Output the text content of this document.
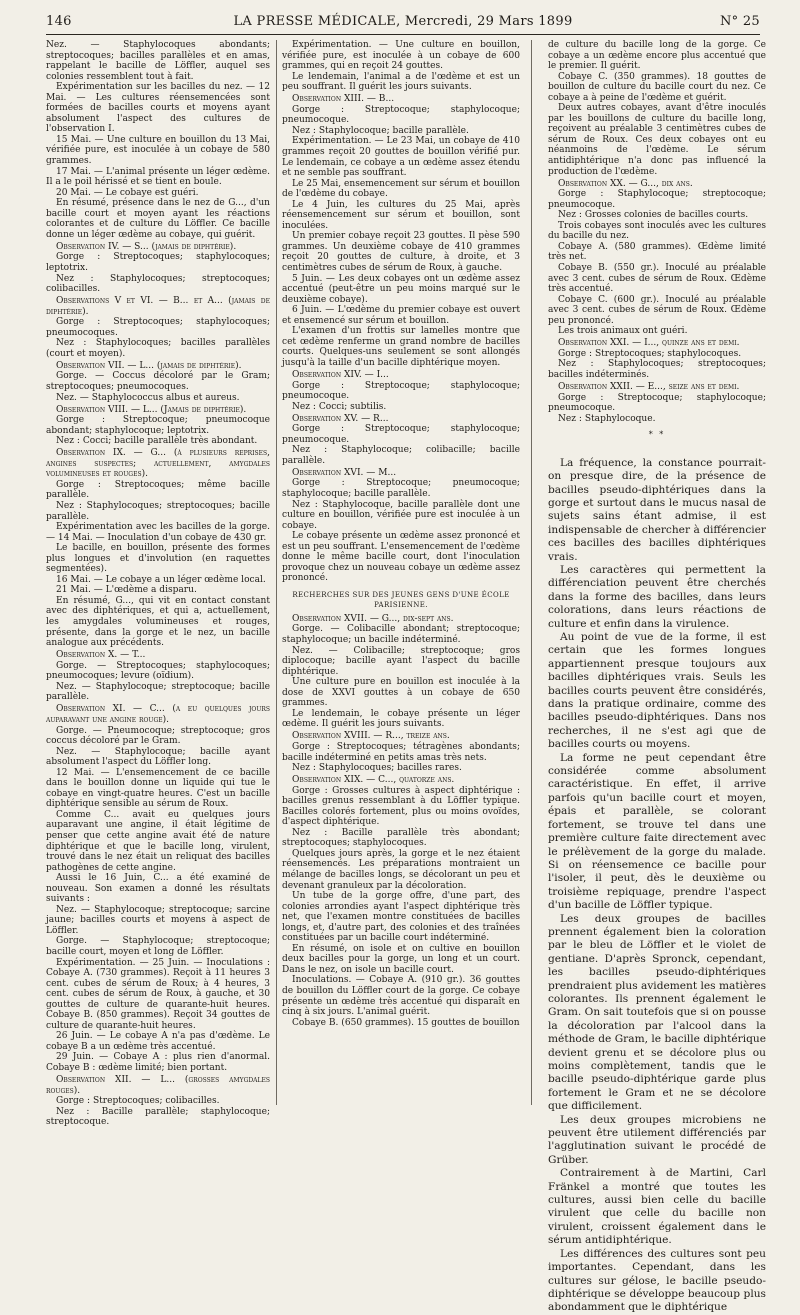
146	LA PRESSE MÉDICALE, Mercredi, 29 Mars 1899	N° 25

Nez. — Staphylocoques abondants; streptocoques; bacilles parallèles et en amas, rappelant le bacille de Löffler, auquel ses colonies ressemblent tout à fait.

Expérimentation sur les bacilles du nez. — 12 Mai. — Les cultures réensemencées sont formées de bacilles courts et moyens ayant absolument l'aspect des cultures de l'observation I.

15 Mai. — Une culture en bouillon du 13 Mai, vérifiée pure, est inoculée à un cobaye de 580 grammes.

17 Mai. — L'animal présente un léger œdème. Il a le poil hérissé et se tient en boule.

20 Mai. — Le cobaye est guéri.

En résumé, présence dans le nez de G..., d'un bacille court et moyen ayant les réactions colorantes et de culture du Löffler. Ce bacille donne un léger œdème au cobaye, qui guérit.

Observation IV. — S... (jamais de diphtérie).

Gorge : Streptocoques; staphylocoques; leptotrix.

Nez : Staphylocoques; streptocoques; colibacilles.

Observations V et VI. — B... et A... (jamais de diphtérie).

Gorge : Streptocoques; staphylocoques; pneumocoques.

Nez : Staphylocoques; bacilles parallèles (court et moyen).

Observation VII. — L... (jamais de diphtérie).

Gorge. — Coccus décoloré par le Gram; streptocoques; pneumocoques.

Nez. — Staphylococcus albus et aureus.

Observation VIII. — L... (Jamais de diphtérie).

Gorge : Streptocoque; pneumocoque abondant; staphylocoque; leptotrix.

Nez : Cocci; bacille parallèle très abondant.

Observation IX. — G... (à plusieurs reprises, angines suspectes; actuellement, amygdales volumineuses et rouges).

Gorge : Streptocoques; même bacille parallèle.

Nez : Staphylocoques; streptocoques; bacille parallèle.

Expérimentation avec les bacilles de la gorge. — 14 Mai. — Inoculation d'un cobaye de 430 gr.

Le bacille, en bouillon, présente des formes plus longues et d'involution (en raquettes segmentées).

16 Mai. — Le cobaye a un léger œdème local.

21 Mai. — L'œdème a disparu.

En résumé, G..., qui vit en contact constant avec des diphtériques, et qui a, actuellement, les amygdales volumineuses et rouges, présente, dans la gorge et le nez, un bacille analogue aux précédents.

Observation X. — T...

Gorge. — Streptocoques; staphylocoques; pneumocoques; levure (oïdium).

Nez. — Staphylocoque; streptocoque; bacille parallèle.

Observation XI. — C... (a eu quelques jours auparavant une angine rouge).

Gorge. — Pneumocoque; streptocoque; gros coccus décoloré par le Gram.

Nez. — Staphylocoque; bacille ayant absolument l'aspect du Löffler long.

12 Mai. — L'ensemencement de ce bacille dans le bouillon donne un liquide qui tue le cobaye en vingt-quatre heures. C'est un bacille diphtérique sensible au sérum de Roux.

Comme C... avait eu quelques jours auparavant une angine, il était légitime de penser que cette angine avait été de nature diphtérique et que le bacille long, virulent, trouvé dans le nez était un reliquat des bacilles pathogènes de cette angine.

Aussi le 16 Juin, C... a été examiné de nouveau. Son examen a donné les résultats suivants :

Nez. — Staphylocoque; streptocoque; sarcine jaune; bacilles courts et moyens à aspect de Löffler.

Gorge. — Staphylocoque; streptocoque; bacille court, moyen et long de Löffler.

Expérimentation. — 25 Juin. — Inoculations : Cobaye A. (730 grammes). Reçoit à 11 heures 3 cent. cubes de sérum de Roux; à 4 heures, 3 cent. cubes de sérum de Roux, à gauche, et 30 gouttes de culture de quarante-huit heures. Cobaye B. (850 grammes). Reçoit 34 gouttes de culture de quarante-huit heures.

26 Juin. — Le cobaye A n'a pas d'œdème. Le cobaye B a un œdème très accentué.

29 Juin. — Cobaye A : plus rien d'anormal. Cobaye B : œdème limité; bien portant.

Observation XII. — L... (grosses amygdales rouges).

Gorge : Streptocoques; colibacilles.

Nez : Bacille parallèle; staphylocoque; streptocoque.

Expérimentation. — Une culture en bouillon, vérifiée pure, est inoculée à un cobaye de 600 grammes, qui en reçoit 24 gouttes.

Le lendemain, l'animal a de l'œdème et est un peu souffrant. Il guérit les jours suivants.

Observation XIII. — B...

Gorge : Streptocoque; staphylocoque; pneumocoque.

Nez : Staphylocoque; bacille parallèle.

Expérimentation. — Le 23 Mai, un cobaye de 410 grammes reçoit 20 gouttes de bouillon vérifié pur. Le lendemain, ce cobaye a un œdème assez étendu et ne semble pas souffrant.

Le 25 Mai, ensemencement sur sérum et bouillon de l'œdème du cobaye.

Le 4 Juin, les cultures du 25 Mai, après réensemencement sur sérum et bouillon, sont inoculées.

Un premier cobaye reçoit 23 gouttes. Il pèse 590 grammes. Un deuxième cobaye de 410 grammes reçoit 20 gouttes de culture, à droite, et 3 centimètres cubes de sérum de Roux, à gauche.

5 Juin. — Les deux cobayes ont un œdème assez accentué (peut-être un peu moins marqué sur le deuxième cobaye).

6 Juin. — L'œdème du premier cobaye est ouvert et ensemencé sur sérum et bouillon.

L'examen d'un frottis sur lamelles montre que cet œdème renferme un grand nombre de bacilles courts. Quelques-uns seulement se sont allongés jusqu'à la taille d'un bacille diphtérique moyen.

Observation XIV. — I...

Gorge : Streptocoque; staphylocoque; pneumocoque.

Nez : Cocci; subtilis.

Observation XV. — R...

Gorge : Streptocoque; staphylocoque; pneumocoque.

Nez : Staphylocoque; colibacille; bacille parallèle.

Observation XVI. — M...

Gorge : Streptocoque; pneumocoque; staphylocoque; bacille parallèle.

Nez : Staphylocoque, bacille parallèle dont une culture en bouillon, vérifiée pure est inoculée à un cobaye.

Le cobaye présente un œdème assez prononcé et est un peu souffrant. L'ensemencement de l'œdème donne le même bacille court, dont l'inoculation provoque chez un nouveau cobaye un œdème assez prononcé.

RECHERCHES SUR DES JEUNES GENS D'UNE ÉCOLE PARISIENNE.
Observation XVII. — G..., dix-sept ans.

Gorge. — Colibacille abondant; streptocoque; staphylocoque; un bacille indéterminé.

Nez. — Colibacille; streptocoque; gros diplocoque; bacille ayant l'aspect du bacille diphtérique.

Une culture pure en bouillon est inoculée à la dose de XXVI gouttes à un cobaye de 650 grammes.

Le lendemain, le cobaye présente un léger œdème. Il guérit les jours suivants.

Observation XVIII. — R..., treize ans.

Gorge : Streptocoques; tétragènes abondants; bacille indéterminé en petits amas très nets.

Nez : Staphylocoques; bacilles rares.

Observation XIX. — C..., quatorze ans.

Gorge : Grosses cultures à aspect diphtérique : bacilles grenus ressemblant à du Löffler typique. Bacilles colorés fortement, plus ou moins ovoïdes, d'aspect diphtérique.

Nez : Bacille parallèle très abondant; streptocoques; staphylocoques.

Quelques jours après, la gorge et le nez étaient réensemencés. Les préparations montraient un mélange de bacilles longs, se décolorant un peu et devenant granuleux par la décoloration.

Un tube de la gorge offre, d'une part, des colonies arrondies ayant l'aspect diphtérique très net, que l'examen montre constituées de bacilles longs, et, d'autre part, des colonies et des traînées constituées par un bacille court indéterminé.

En résumé, on isole et on cultive en bouillon deux bacilles pour la gorge, un long et un court. Dans le nez, on isole un bacille court.

Inoculations. — Cobaye A. (910 gr.). 36 gouttes de bouillon du Löffler court de la gorge. Ce cobaye présente un œdème très accentué qui disparaît en cinq à six jours. L'animal guérit.

Cobaye B. (650 grammes). 15 gouttes de bouillon

de culture du bacille long de la gorge. Ce cobaye a un œdème encore plus accentué que le premier. Il guérit.

Cobaye C. (350 grammes). 18 gouttes de bouillon de culture du bacille court du nez. Ce cobaye a à peine de l'œdème et guérit.

Deux autres cobayes, avant d'être inoculés par les bouillons de culture du bacille long, reçoivent au préalable 3 centimètres cubes de sérum de Roux. Ces deux cobayes ont eu néanmoins de l'œdème. Le sérum antidiphtérique n'a donc pas influencé la production de l'œdème.

Observation XX. — G..., dix ans.

Gorge : Staphylocoque; streptocoque; pneumocoque.

Nez : Grosses colonies de bacilles courts.

Trois cobayes sont inoculés avec les cultures du bacille du nez.

Cobaye A. (580 grammes). Œdème limité très net.

Cobaye B. (550 gr.). Inoculé au préalable avec 3 cent. cubes de sérum de Roux. Œdème très accentué.

Cobaye C. (600 gr.). Inoculé au préalable avec 3 cent. cubes de sérum de Roux. Œdème peu prononcé.

Les trois animaux ont guéri.

Observation XXI. — I..., quinze ans et demi.

Gorge : Streptocoques; staphylocoques.

Nez : Staphylocoques; streptocoques; bacilles indéterminés.

Observation XXII. — E..., seize ans et demi.

Gorge : Streptocoque; staphylocoque; pneumocoque.

Nez : Staphylocoque.

* *

La fréquence, la constance pourrait-on presque dire, de la présence de bacilles pseudo-diphtériques dans la gorge et surtout dans le mucus nasal de sujets sains étant admise, il est indispensable de chercher à différencier ces bacilles des bacilles diphtériques vrais.

Les caractères qui permettent la différenciation peuvent être cherchés dans la forme des bacilles, dans leurs colorations, dans leurs réactions de culture et enfin dans la virulence.

Au point de vue de la forme, il est certain que les formes longues appartiennent presque toujours aux bacilles diphtériques vrais. Seuls les bacilles courts peuvent être considérés, dans la pratique ordinaire, comme des bacilles pseudo-diphtériques. Dans nos recherches, il ne s'est agi que de bacilles courts ou moyens.

La forme ne peut cependant être considérée comme absolument caractéristique. En effet, il arrive parfois qu'un bacille court et moyen, épais et parallèle, se colorant fortement, se trouve tel dans une première culture faite directement avec le prélèvement de la gorge du malade. Si on réensemence ce bacille pour l'isoler, il peut, dès le deuxième ou troisième repiquage, prendre l'aspect d'un bacille de Löffler typique.

Les deux groupes de bacilles prennent également bien la coloration par le bleu de Löffler et le violet de gentiane. D'après Spronck, cependant, les bacilles pseudo-diphtériques prendraient plus avidement les matières colorantes. Ils prennent également le Gram. On sait toutefois que si on pousse la décoloration par l'alcool dans la méthode de Gram, le bacille diphtérique devient grenu et se décolore plus ou moins complètement, tandis que le bacille pseudo-diphtérique garde plus fortement le Gram et ne se décolore que difficilement.

Les deux groupes microbiens ne peuvent être utilement différenciés par l'agglutination suivant le procédé de Grüber.

Contrairement à de Martini, Carl Fränkel a montré que toutes les cultures, aussi bien celle du bacille virulent que celle du bacille non virulent, croissent également dans le sérum antidiphtérique.

Les différences des cultures sont peu importantes. Cependant, dans les cultures sur gélose, le bacille pseudo-diphtérique se développe beaucoup plus abondamment que le diphtérique
